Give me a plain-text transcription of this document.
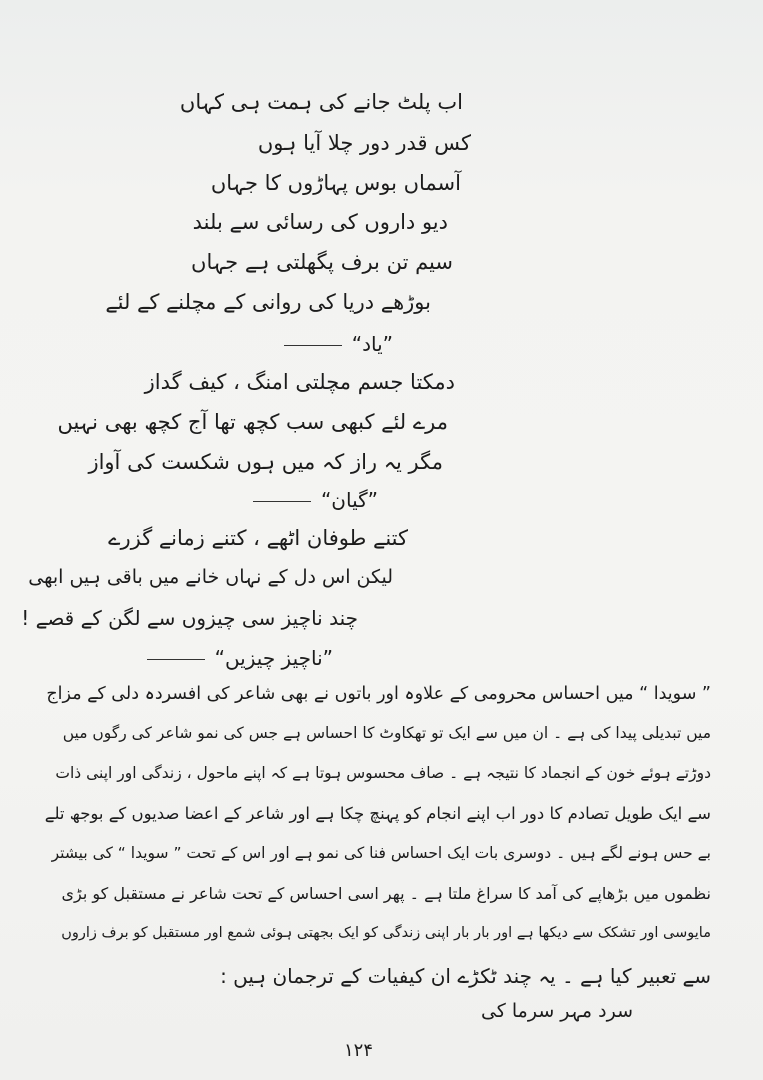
اب پلٹ جانے کی ہمت ہی کہاں
کس قدر دور چلا آیا ہوں
آسماں بوس پہاڑوں کا جہاں
دیو داروں کی رسائی سے بلند
سیم تن برف پگھلتی ہے جہاں
بوڑھے دریا کی روانی کے مچلنے کے لئے
”یاد“
دمکتا جسم مچلتی امنگ ، کیف گداز
مرے لئے کبھی سب کچھ تھا آج کچھ بھی نہیں
مگر یہ راز کہ میں ہوں شکست کی آواز
”گیان“
کتنے طوفان اٹھے ، کتنے زمانے گزرے
لیکن اس دل کے نہاں خانے میں باقی ہیں ابھی
چند ناچیز سی چیزوں سے لگن کے قصے !
”ناچیز چیزیں“
” سویدا “ میں احساس محرومی کے علاوہ اور باتوں نے بھی شاعر کی افسردہ دلی کے مزاج
میں تبدیلی پیدا کی ہے ۔ ان میں سے ایک تو تھکاوٹ کا احساس ہے جس کی نمو شاعر کی رگوں میں
دوڑتے ہوئے خون کے انجماد کا نتیجہ ہے ۔ صاف محسوس ہوتا ہے کہ اپنے ماحول ، زندگی اور اپنی ذات
سے ایک طویل تصادم کا دور اب اپنے انجام کو پہنچ چکا ہے اور شاعر کے اعضا صدیوں کے بوجھ تلے
بے حس ہونے لگے ہیں ۔ دوسری بات ایک احساس فنا کی نمو ہے اور اس کے تحت ” سویدا “ کی بیشتر
نظموں میں بڑھاپے کی آمد کا سراغ ملتا ہے ۔ پھر اسی احساس کے تحت شاعر نے مستقبل کو بڑی
مایوسی اور تشکک سے دیکھا ہے اور بار بار اپنی زندگی کو ایک بجھتی ہوئی شمع اور مستقبل کو برف زاروں
سے تعبیر کیا ہے ۔ یہ چند ٹکڑے ان کیفیات کے ترجمان ہیں :
سرد مہر سرما کی
۱۲۴
